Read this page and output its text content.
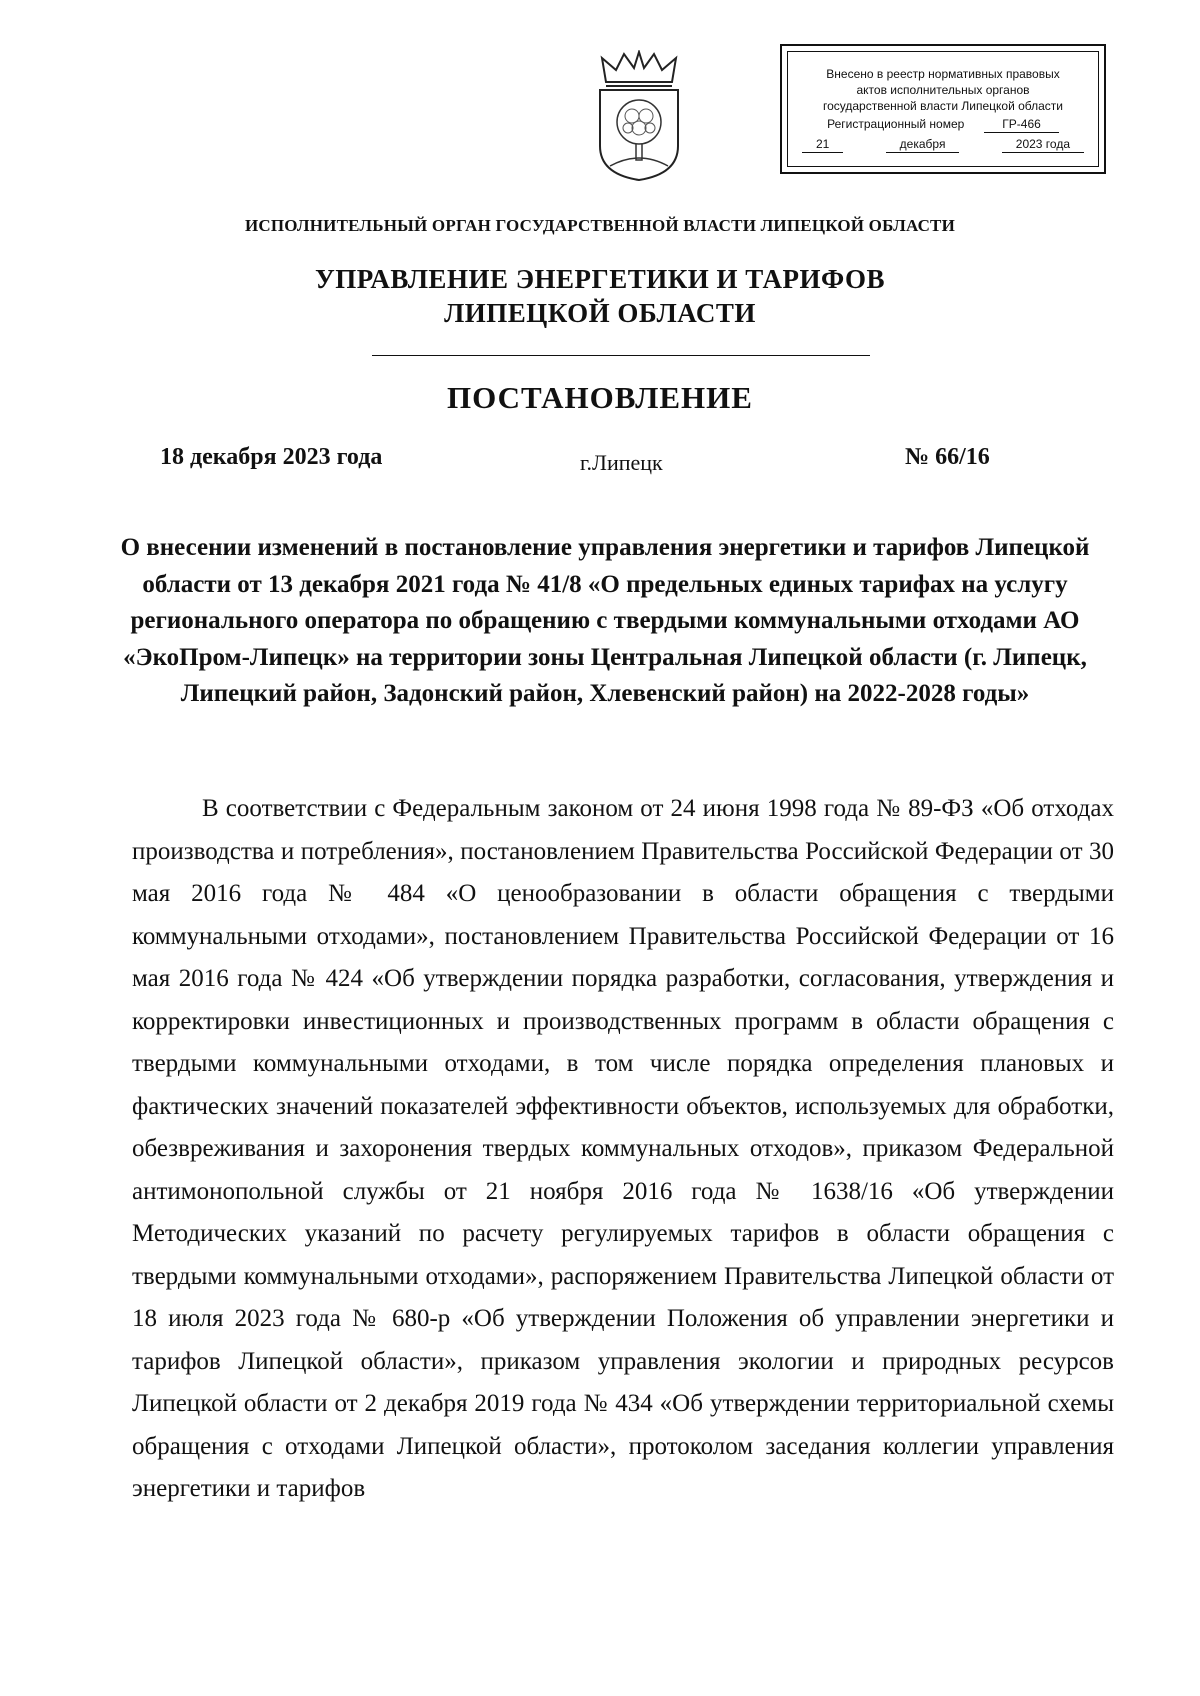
Внесено в реестр нормативных правовых
актов исполнительных органов
государственной власти Липецкой области
Регистрационный номер	ГР-466
21	декабря	2023 года
ИСПОЛНИТЕЛЬНЫЙ ОРГАН ГОСУДАРСТВЕННОЙ ВЛАСТИ ЛИПЕЦКОЙ ОБЛАСТИ
УПРАВЛЕНИЕ ЭНЕРГЕТИКИ И ТАРИФОВ
ЛИПЕЦКОЙ ОБЛАСТИ
ПОСТАНОВЛЕНИЕ
18 декабря 2023 года	г.Липецк	№ 66/16
О внесении изменений в постановление управления энергетики и тарифов Липецкой области от 13 декабря 2021 года № 41/8 «О предельных единых тарифах на услугу регионального оператора по обращению с твердыми коммунальными отходами АО «ЭкоПром-Липецк» на территории зоны Центральная Липецкой области (г. Липецк, Липецкий район, Задонский район, Хлевенский район) на 2022-2028 годы»

В соответствии с Федеральным законом от 24 июня 1998 года № 89-ФЗ «Об отходах производства и потребления», постановлением Правительства Российской Федерации от 30 мая 2016 года № 484 «О ценообразовании в области обращения с твердыми коммунальными отходами», постановлением Правительства Российской Федерации от 16 мая 2016 года № 424 «Об утверждении порядка разработки, согласования, утверждения и корректировки инвестиционных и производственных программ в области обращения с твердыми коммунальными отходами, в том числе порядка определения плановых и фактических значений показателей эффективности объектов, используемых для обработки, обезвреживания и захоронения твердых коммунальных отходов», приказом Федеральной антимонопольной службы от 21 ноября 2016 года № 1638/16 «Об утверждении Методических указаний по расчету регулируемых тарифов в области обращения с твердыми коммунальными отходами», распоряжением Правительства Липецкой области от 18 июля 2023 года № 680-р «Об утверждении Положения об управлении энергетики и тарифов Липецкой области», приказом управления экологии и природных ресурсов Липецкой области от 2 декабря 2019 года № 434 «Об утверждении территориальной схемы обращения с отходами Липецкой области», протоколом заседания коллегии управления энергетики и тарифов
